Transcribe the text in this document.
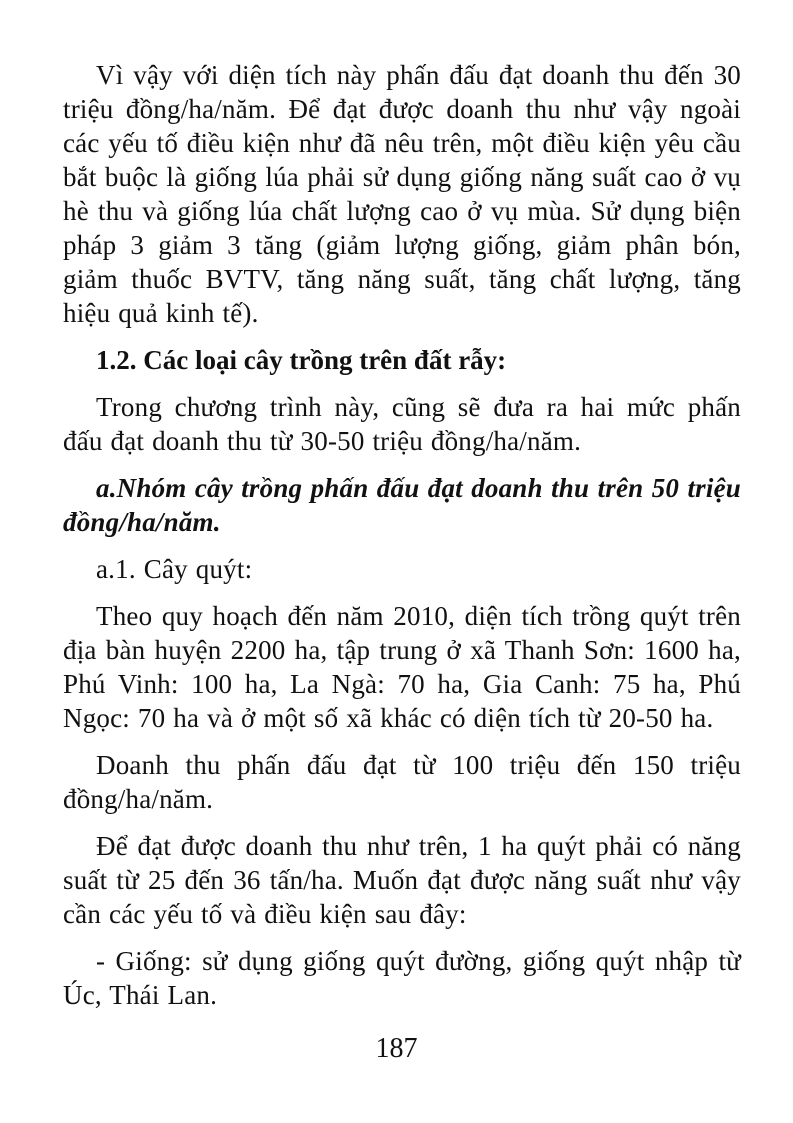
Vì vậy với diện tích này phấn đấu đạt doanh thu đến 30 triệu đồng/ha/năm. Để đạt được doanh thu như vậy ngoài các yếu tố điều kiện như đã nêu trên, một điều kiện yêu cầu bắt buộc là giống lúa phải sử dụng giống năng suất cao ở vụ hè thu và giống lúa chất lượng cao ở vụ mùa. Sử dụng biện pháp 3 giảm 3 tăng (giảm lượng giống, giảm phân bón, giảm thuốc BVTV, tăng năng suất, tăng chất lượng, tăng hiệu quả kinh tế).

1.2. Các loại cây trồng trên đất rẫy:

Trong chương trình này, cũng sẽ đưa ra hai mức phấn đấu đạt doanh thu từ 30-50 triệu đồng/ha/năm.

a.Nhóm cây trồng phấn đấu đạt doanh thu trên 50 triệu đồng/ha/năm.

a.1. Cây quýt:

Theo quy hoạch đến năm 2010, diện tích trồng quýt trên địa bàn huyện 2200 ha, tập trung ở xã Thanh Sơn: 1600 ha, Phú Vinh: 100 ha, La Ngà: 70 ha, Gia Canh: 75 ha, Phú Ngọc: 70 ha và ở một số xã khác có diện tích từ 20-50 ha.

Doanh thu phấn đấu đạt từ 100 triệu đến 150 triệu đồng/ha/năm.

Để đạt được doanh thu như trên, 1 ha quýt phải có năng suất từ 25 đến 36 tấn/ha. Muốn đạt được năng suất như vậy cần các yếu tố và điều kiện sau đây:

- Giống: sử dụng giống quýt đường, giống quýt nhập từ Úc, Thái Lan.

187
